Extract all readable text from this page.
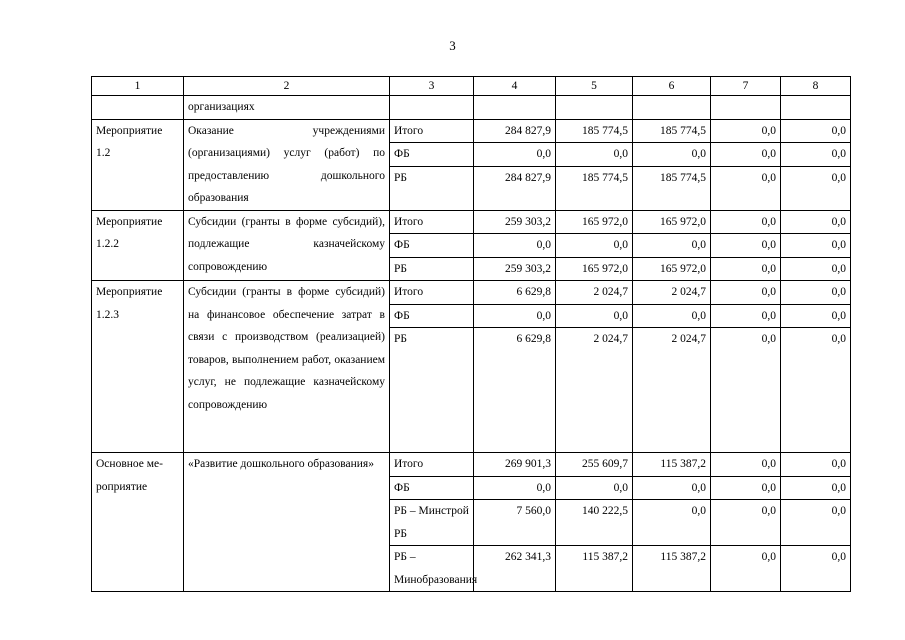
3
1	2	3	4	5	6	7	8
	организациях						

Мероприятие
1.2	Оказание учреждениями (организациями) услуг (работ) по предоставлению дошкольного образования	Итого	284 827,9	185 774,5	185 774,5	0,0	0,0
		ФБ	0,0	0,0	0,0	0,0	0,0
		РБ	284 827,9	185 774,5	185 774,5	0,0	0,0

Мероприятие
1.2.2	Субсидии (гранты в форме субсидий), подлежащие казначейскому сопровождению	Итого	259 303,2	165 972,0	165 972,0	0,0	0,0
		ФБ	0,0	0,0	0,0	0,0	0,0
		РБ	259 303,2	165 972,0	165 972,0	0,0	0,0

Мероприятие
1.2.3	Субсидии (гранты в форме субсидий) на финансовое обеспечение затрат в связи с производством (реализацией) товаров, выполнением работ, оказанием услуг, не подлежащие казначейскому сопровождению	Итого	6 629,8	2 024,7	2 024,7	0,0	0,0
		ФБ	0,0	0,0	0,0	0,0	0,0
		РБ	6 629,8	2 024,7	2 024,7	0,0	0,0

Основное ме-
роприятие	«Развитие дошкольного образования»	Итого	269 901,3	255 609,7	115 387,2	0,0	0,0
		ФБ	0,0	0,0	0,0	0,0	0,0
		РБ – Минстрой РБ	7 560,0	140 222,5	0,0	0,0	0,0
		РБ – Минобразования	262 341,3	115 387,2	115 387,2	0,0	0,0
